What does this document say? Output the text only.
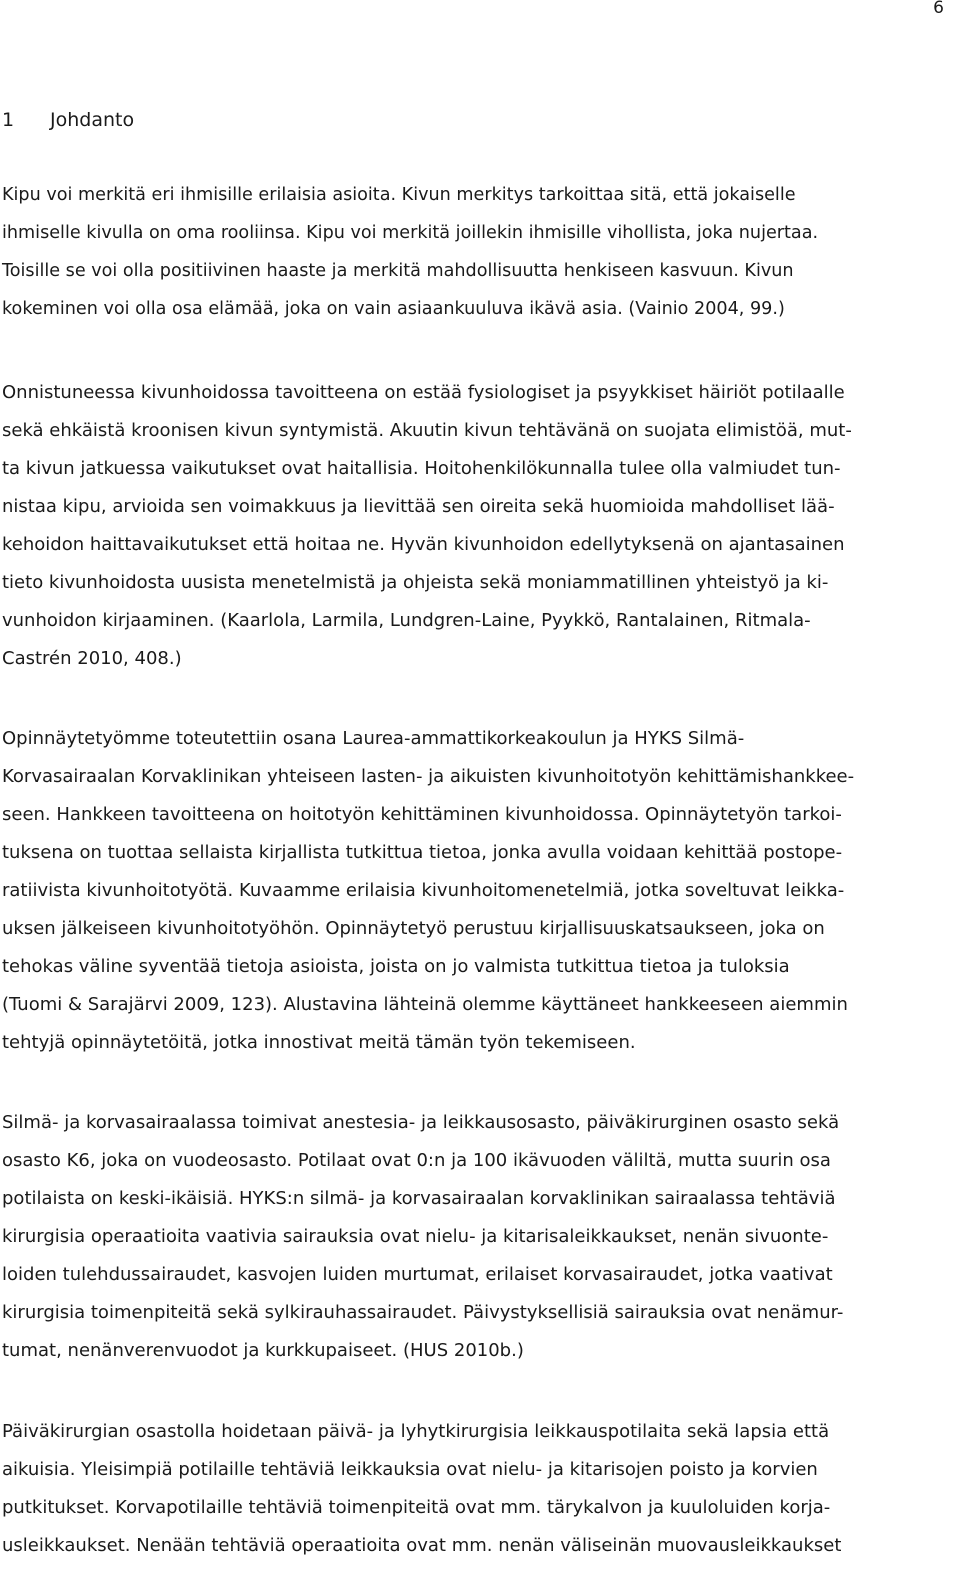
6
1 Johdanto
Kipu voi merkitä eri ihmisille erilaisia asioita. Kivun merkitys tarkoittaa sitä, että jokaiselle
ihmiselle kivulla on oma rooliinsa. Kipu voi merkitä joillekin ihmisille vihollista, joka nujertaa.
Toisille se voi olla positiivinen haaste ja merkitä mahdollisuutta henkiseen kasvuun. Kivun
kokeminen voi olla osa elämää, joka on vain asiaankuuluva ikävä asia. (Vainio 2004, 99.)
Onnistuneessa kivunhoidossa tavoitteena on estää fysiologiset ja psyykkiset häiriöt potilaalle
sekä ehkäistä kroonisen kivun syntymistä. Akuutin kivun tehtävänä on suojata elimistöä, mut-
ta kivun jatkuessa vaikutukset ovat haitallisia. Hoitohenkilökunnalla tulee olla valmiudet tun-
nistaa kipu, arvioida sen voimakkuus ja lievittää sen oireita sekä huomioida mahdolliset lää-
kehoidon haittavaikutukset että hoitaa ne. Hyvän kivunhoidon edellytyksenä on ajantasainen
tieto kivunhoidosta uusista menetelmistä ja ohjeista sekä moniammatillinen yhteistyö ja ki-
vunhoidon kirjaaminen. (Kaarlola, Larmila, Lundgren-Laine, Pyykkö, Rantalainen, Ritmala-
Castrén 2010, 408.)
Opinnäytetyömme toteutettiin osana Laurea-ammattikorkeakoulun ja HYKS Silmä-
Korvasairaalan Korvaklinikan yhteiseen lasten- ja aikuisten kivunhoitotyön kehittämishankkee-
seen. Hankkeen tavoitteena on hoitotyön kehittäminen kivunhoidossa. Opinnäytetyön tarkoi-
tuksena on tuottaa sellaista kirjallista tutkittua tietoa, jonka avulla voidaan kehittää postope-
ratiivista kivunhoitotyötä. Kuvaamme erilaisia kivunhoitomenetelmiä, jotka soveltuvat leikka-
uksen jälkeiseen kivunhoitotyöhön. Opinnäytetyö perustuu kirjallisuuskatsaukseen, joka on
tehokas väline syventää tietoja asioista, joista on jo valmista tutkittua tietoa ja tuloksia
(Tuomi & Sarajärvi 2009, 123). Alustavina lähteinä olemme käyttäneet hankkeeseen aiemmin
tehtyjä opinnäytetöitä, jotka innostivat meitä tämän työn tekemiseen.
Silmä- ja korvasairaalassa toimivat anestesia- ja leikkausosasto, päiväkirurginen osasto sekä
osasto K6, joka on vuodeosasto. Potilaat ovat 0:n ja 100 ikävuoden väliltä, mutta suurin osa
potilaista on keski-ikäisiä. HYKS:n silmä- ja korvasairaalan korvaklinikan sairaalassa tehtäviä
kirurgisia operaatioita vaativia sairauksia ovat nielu- ja kitarisaleikkaukset, nenän sivuonte-
loiden tulehdussairaudet, kasvojen luiden murtumat, erilaiset korvasairaudet, jotka vaativat
kirurgisia toimenpiteitä sekä sylkirauhassairaudet. Päivystyksellisiä sairauksia ovat nenämur-
tumat, nenänverenvuodot ja kurkkupaiseet. (HUS 2010b.)
Päiväkirurgian osastolla hoidetaan päivä- ja lyhytkirurgisia leikkauspotilaita sekä lapsia että
aikuisia. Yleisimpiä potilaille tehtäviä leikkauksia ovat nielu- ja kitarisojen poisto ja korvien
putkitukset. Korvapotilaille tehtäviä toimenpiteitä ovat mm. tärykalvon ja kuuloluiden korja-
usleikkaukset. Nenään tehtäviä operaatioita ovat mm. nenän väliseinän muovausleikkaukset
